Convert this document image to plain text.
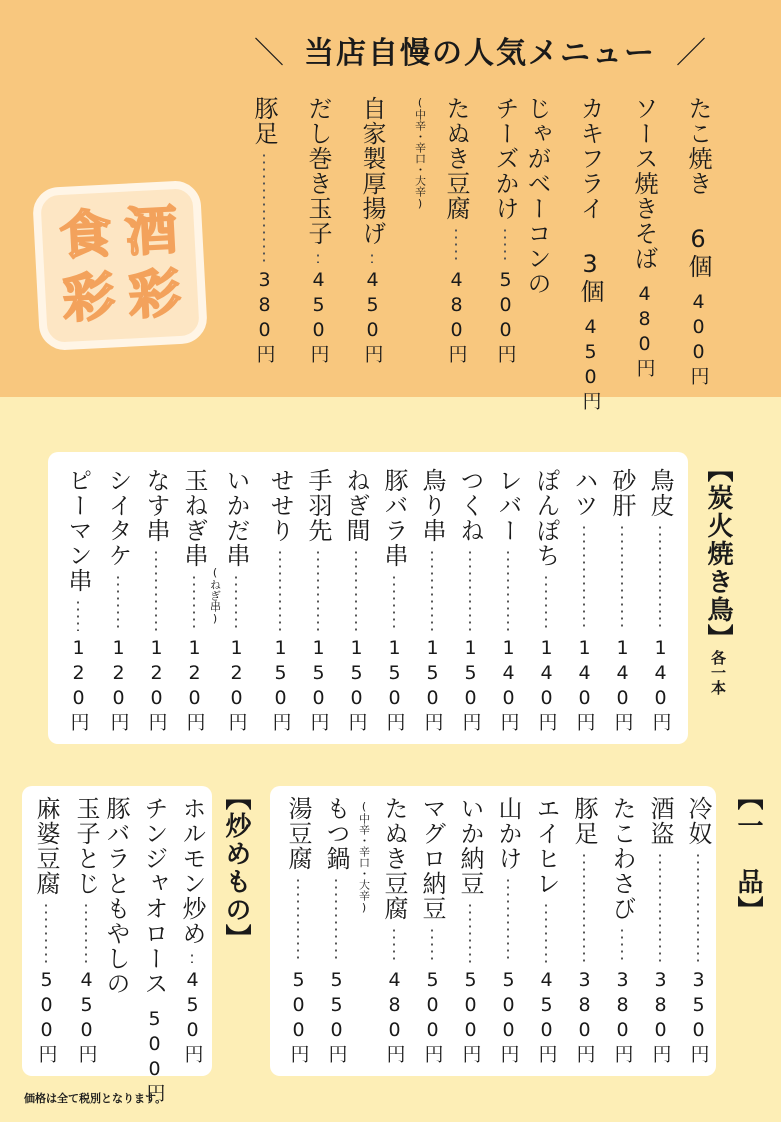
＼ 当店自慢の人気メニュー ／
食 酒
彩 彩
たこ焼き 6個
400円
ソース焼きそば
480円
カキフライ 3個
450円
じゃがベーコンの
チーズかけ
500円
たぬき豆腐
480円
(中辛・辛口・大辛)
自家製厚揚げ
450円
だし巻き玉子
450円
豚足
380円
【炭火焼き鳥】
各一本
鳥皮
140円
砂肝
140円
ハツ
140円
ぽんぽち
140円
レバー
140円
つくね
150円
鳥り串
150円
豚バラ串
150円
ねぎ間
150円
手羽先
150円
せせり
150円
いかだ串
120円
(ねぎ串)
玉ねぎ串
120円
なす串
120円
シイタケ
120円
ピーマン串
120円
【一　品】
冷奴
350円
酒盗
380円
たこわさび
380円
豚足
380円
エイヒレ
450円
山かけ
500円
いか納豆
500円
マグロ納豆
500円
たぬき豆腐
480円
(中辛・辛口・大辛)
もつ鍋
550円
湯豆腐
500円
【炒めもの】
ホルモン炒め
450円
チンジャオロース
500円
豚バラともやしの
玉子とじ
450円
麻婆豆腐
500円
価格は全て税別となります。
